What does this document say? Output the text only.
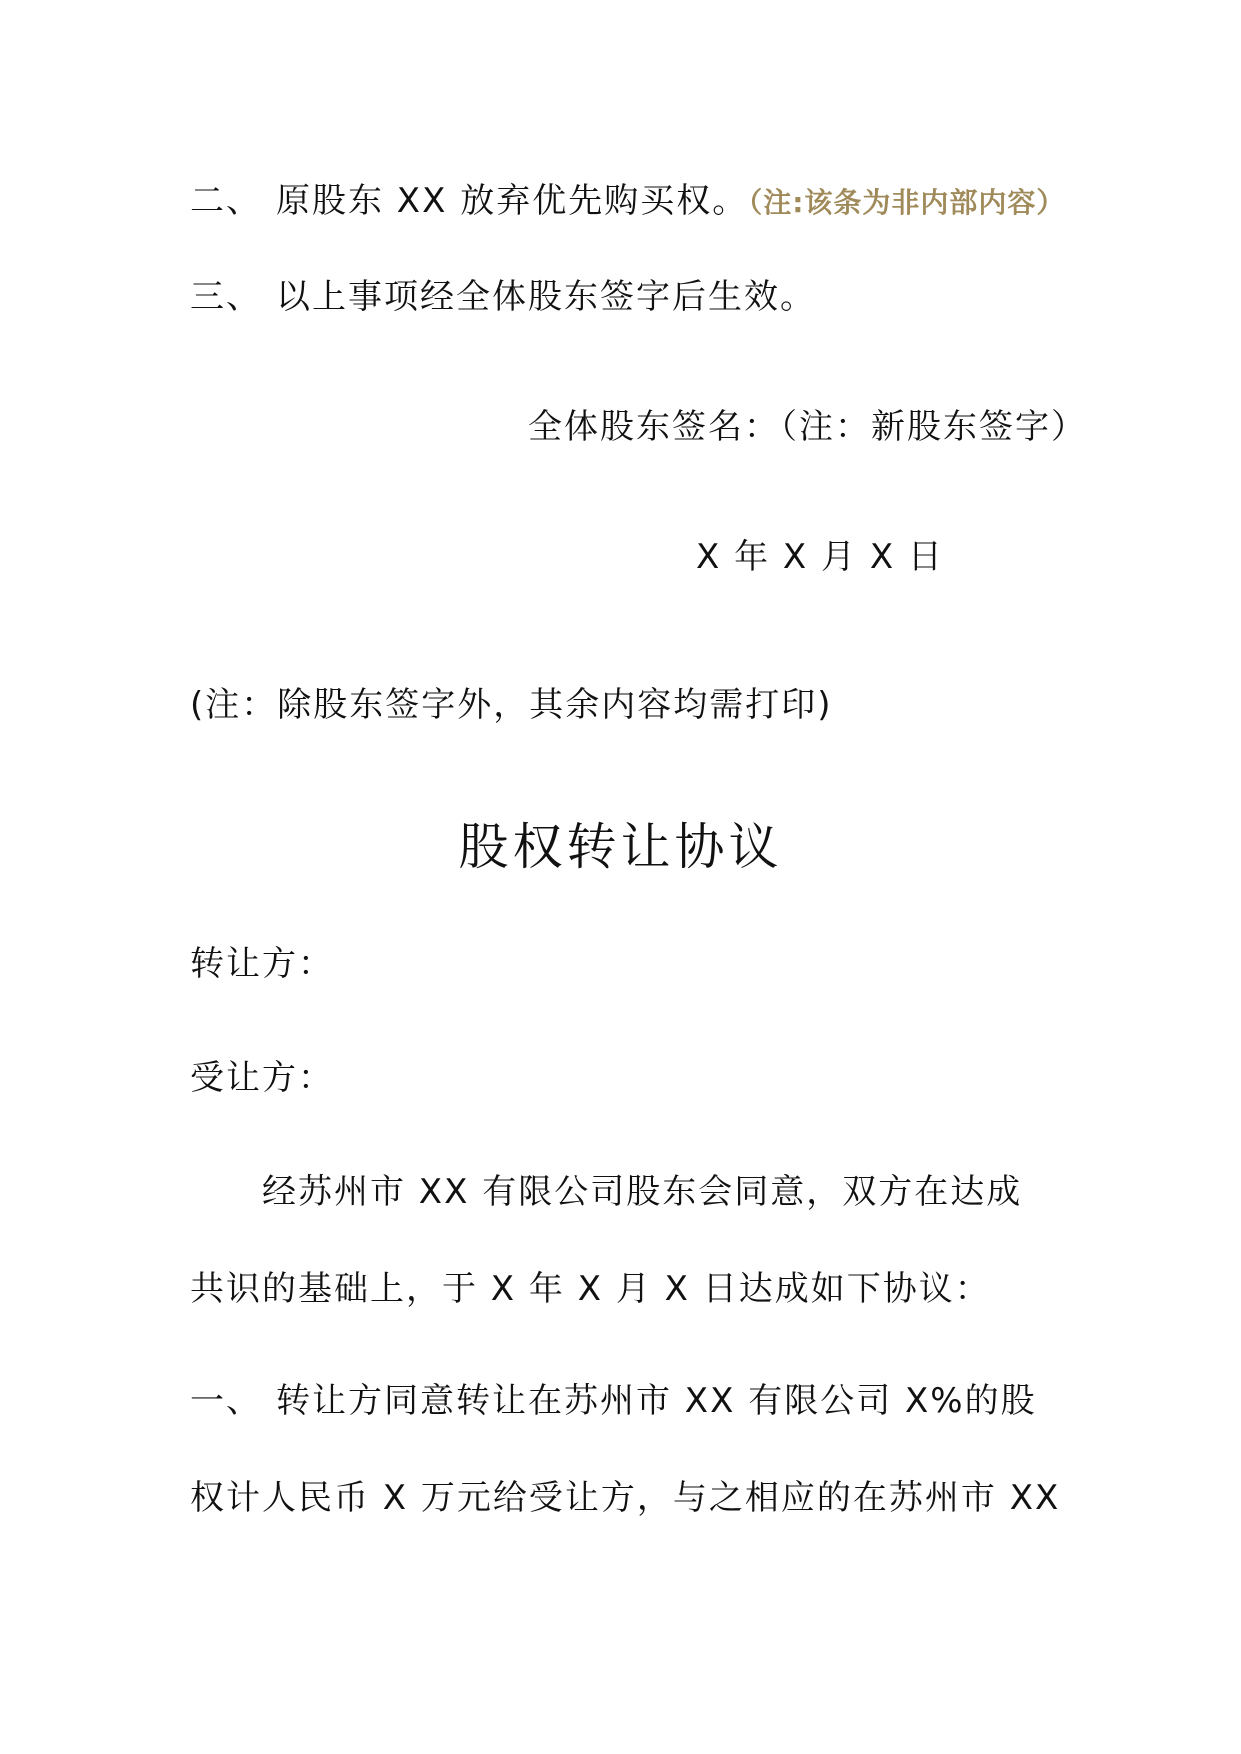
二、 原股东 XX 放弃优先购买权。（注:该条为非内部内容）
三、 以上事项经全体股东签字后生效。
全体股东签名：（注：新股东签字）
X 年 X 月 X 日
(注：除股东签字外，其余内容均需打印)
股权转让协议
转让方：
受让方：
经苏州市 XX 有限公司股东会同意，双方在达成
共识的基础上，于 X 年 X 月 X 日达成如下协议：
一、 转让方同意转让在苏州市 XX 有限公司 X%的股
权计人民币 X 万元给受让方，与之相应的在苏州市 XX
